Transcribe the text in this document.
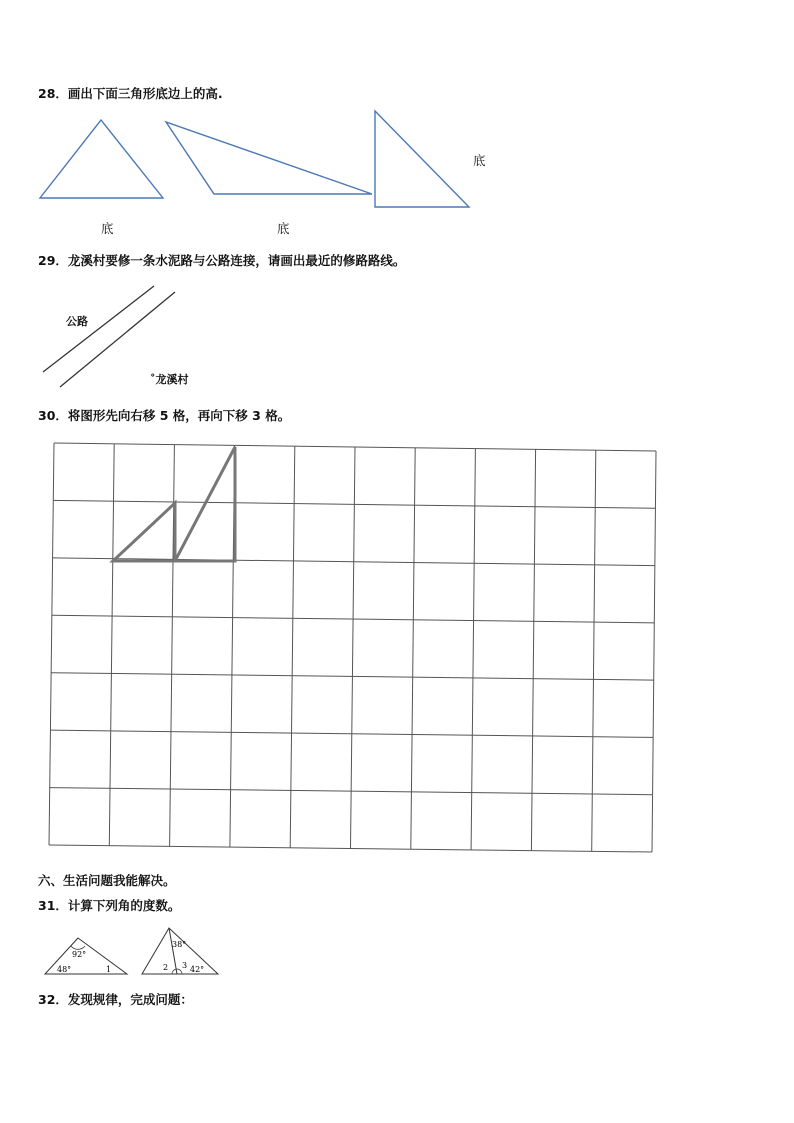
28．画出下面三角形底边上的高.
底	底
底
29．龙溪村要修一条水泥路与公路连接，请画出最近的修路路线。
公路
˚龙溪村
30．将图形先向右移 5 格，再向下移 3 格。
六、生活问题我能解决。
31．计算下列角的度数。
92°
48°	1
38°
2 3 42°
32．发现规律，完成问题：
